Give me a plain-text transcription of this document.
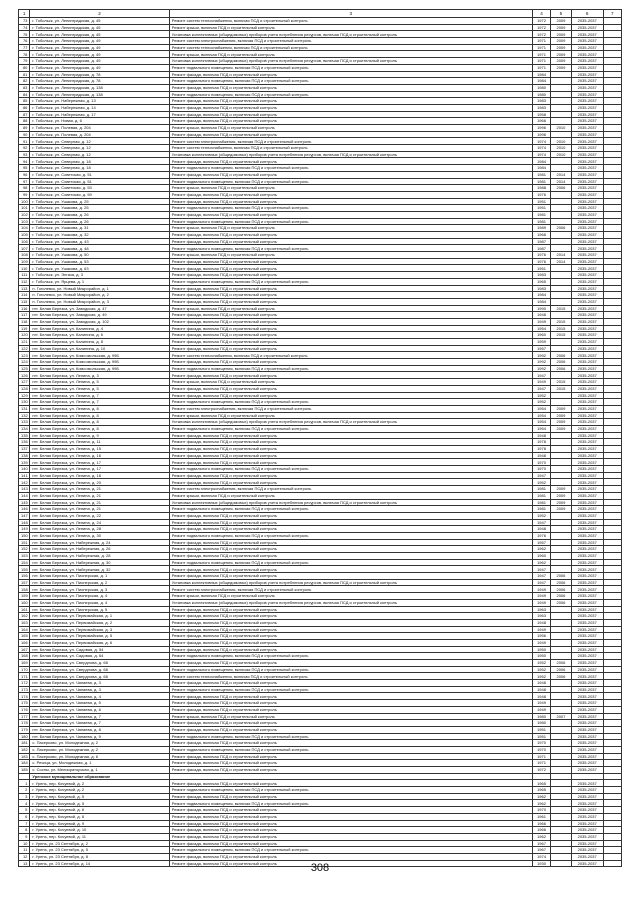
1	2	3	4	5	6	7
73	г. Тобольск, ул. Ленинградская, д. 45	Ремонт систем теплоснабжения, включая ПСД и строительный контроль	1972	2009	2035-2037	
74	г. Тобольск, ул. Ленинградская, д. 45	Ремонт крыши, включая ПСД и строительный контроль	1972	2009	2035-2037	
75	г. Тобольск, ул. Ленинградская, д. 45	Установка коллективных (общедомовых) приборов учета потребления ресурсов, включая ПСД и строительный контроль	1972	2009	2035-2037	
76	г. Тобольск, ул. Ленинградская, д. 49	Ремонт систем электроснабжения, включая ПСД и строительный контроль	1971	2009	2035-2037	
77	г. Тобольск, ул. Ленинградская, д. 49	Ремонт систем теплоснабжения, включая ПСД и строительный контроль	1971	2009	2035-2037	
78	г. Тобольск, ул. Ленинградская, д. 49	Ремонт крыши, включая ПСД и строительный контроль	1971	2009	2035-2037	
79	г. Тобольск, ул. Ленинградская, д. 49	Установка коллективных (общедомовых) приборов учета потребления ресурсов, включая ПСД и строительный контроль	1971	2009	2035-2037	
80	г. Тобольск, ул. Ленинградская, д. 49	Ремонт подвального помещения, включая ПСД и строительный контроль	1971	2009	2035-2037	
81	г. Тобольск, ул. Ленинградская, д. 78	Ремонт фасада, включая ПСД и строительный контроль	1984		2035-2037	
82	г. Тобольск, ул. Ленинградская, д. 78	Ремонт подвального помещения, включая ПСД и строительный контроль	1984		2035-2037	
83	г. Тобольск, ул. Ленинградская, д. 138	Ремонт фасада, включая ПСД и строительный контроль	1980		2035-2037	
84	г. Тобольск, ул. Ленинградская, д. 138	Ремонт подвального помещения, включая ПСД и строительный контроль	1980		2035-2037	
85	г. Тобольск, ул. Набережная, д. 13	Ремонт фасада, включая ПСД и строительный контроль	1983		2035-2037	
86	г. Тобольск, ул. Набережная, д. 14	Ремонт фасада, включая ПСД и строительный контроль	1983		2035-2037	
87	г. Тобольск, ул. Набережная, д. 17	Ремонт фасада, включая ПСД и строительный контроль	1958		2035-2037	
88	г. Тобольск, ул. Новая, д. 6	Ремонт фасада, включая ПСД и строительный контроль	1966		2035-2037	
89	г. Тобольск, ул. Полевая, д. 204	Ремонт крыши, включая ПСД и строительный контроль	1996	2010	2035-2037	
90	г. Тобольск, ул. Полевая, д. 204	Ремонт фасада, включая ПСД и строительный контроль	1996		2035-2037	
91	г. Тобольск, ул. Северная, д. 12	Ремонт систем электроснабжения, включая ПСД и строительный контроль	1974	2010	2035-2037	
92	г. Тобольск, ул. Северная, д. 12	Ремонт систем теплоснабжения, включая ПСД и строительный контроль	1974	2010	2035-2037	
93	г. Тобольск, ул. Северная, д. 12	Установка коллективных (общедомовых) приборов учета потребления ресурсов, включая ПСД и строительный контроль	1974	2010	2035-2037	
94	г. Тобольск, ул. Северная, д. 18	Ремонт фасада, включая ПСД и строительный контроль	1984		2035-2037	
95	г. Тобольск, ул. Северная, д. 18	Ремонт подвального помещения, включая ПСД и строительный контроль	1984		2035-2037	
96	г. Тобольск, ул. Советская, д. 51	Ремонт фасада, включая ПСД и строительный контроль	1981	2014	2035-2037	
97	г. Тобольск, ул. Советская, д. 51	Ремонт подвального помещения, включая ПСД и строительный контроль	1981	2014	2035-2037	
98	г. Тобольск, ул. Советская, д. 53	Ремонт крыши, включая ПСД и строительный контроль	1988	2006	2035-2037	
99	г. Тобольск, ул. Советская, д. 59	Ремонт фасада, включая ПСД и строительный контроль	1976		2035-2037	
100	г. Тобольск, ул. Ушакова, д. 25	Ремонт фасада, включая ПСД и строительный контроль	1951		2035-2037	
101	г. Тобольск, ул. Ушакова, д. 25	Ремонт подвального помещения, включая ПСД и строительный контроль	1951		2035-2037	
102	г. Тобольск, ул. Ушакова, д. 26	Ремонт фасада, включая ПСД и строительный контроль	1981		2035-2037	
103	г. Тобольск, ул. Ушакова, д. 26	Ремонт подвального помещения, включая ПСД и строительный контроль	1981		2035-2037	
104	г. Тобольск, ул. Ушакова, д. 31	Ремонт крыши, включая ПСД и строительный контроль	1989	2006	2035-2037	
105	г. Тобольск, ул. Ушакова, д. 32	Ремонт фасада, включая ПСД и строительный контроль	1968		2035-2037	
106	г. Тобольск, ул. Ушакова, д. 43	Ремонт фасада, включая ПСД и строительный контроль	1987		2035-2037	
107	г. Тобольск, ул. Ушакова, д. 48	Ремонт подвального помещения, включая ПСД и строительный контроль	1987		2035-2037	
108	г. Тобольск, ул. Ушакова, д. 50	Ремонт крыши, включая ПСД и строительный контроль	1976	2014	2035-2037	
109	г. Тобольск, ул. Ушакова, д. 53	Ремонт фасада, включая ПСД и строительный контроль	1976	2014	2035-2037	
110	г. Тобольск, ул. Ушакова, д. 63	Ремонт фасада, включая ПСД и строительный контроль	1951		2035-2037	
111	г. Тобольск, ул. Энгаза, д. 3	Ремонт фасада, включая ПСД и строительный контроль	1983		2035-2037	
112	г. Тобольск, ул. Ярцева, д. 1	Ремонт подвального помещения, включая ПСД и строительный контроль	1965		2035-2037	
113	п. Гоголевск, ул. Новый Микрорайон, д. 1	Ремонт фасада, включая ПСД и строительный контроль	1983		2035-2037	
114	п. Гоголевск, ул. Новый Микрорайон, д. 2	Ремонт фасада, включая ПСД и строительный контроль	1984		2035-2037	
115	п. Гоголевск, ул. Новый Микрорайон, д. 3	Ремонт фасада, включая ПСД и строительный контроль	1984		2035-2037	
116	пгт. Белая Березка, ул. Заводская, д. 47	Ремонт крыши, включая ПСД и строительный контроль	1990	2015	2035-2037	
117	пгт. Белая Березка, ул. Заводская, д. 49	Ремонт фасада, включая ПСД и строительный контроль	1948		2035-2037	
118	пгт. Белая Березка, ул. Заводская, д. 102	Ремонт фасада, включая ПСД и строительный контроль	1949	2015	2035-2037	
119	пгт. Белая Березка, ул. Калинина, д. 4	Ремонт фасада, включая ПСД и строительный контроль	1954	2015	2035-2037	
120	пгт. Белая Березка, ул. Калинина, д. 6	Ремонт фасада, включая ПСД и строительный контроль	1960	2015	2035-2037	
121	пгт. Белая Березка, ул. Калинина, д. 8	Ремонт фасада, включая ПСД и строительный контроль	1959		2035-2037	
122	пгт. Белая Березка, ул. Калинина, д. 10	Ремонт фасада, включая ПСД и строительный контроль	1957		2035-2037	
123	пгт. Белая Березка, ул. Комсомольская, д. 99Б	Ремонт систем теплоснабжения, включая ПСД и строительный контроль	1992	2006	2035-2037	
124	пгт. Белая Березка, ул. Комсомольская, д. 99Б	Ремонт фасада, включая ПСД и строительный контроль	1992	2006	2035-2037	
125	пгт. Белая Березка, ул. Комсомольская, д. 99Б	Ремонт подвального помещения, включая ПСД и строительный контроль	1992	2006	2035-2037	
126	пгт. Белая Березка, ул. Ленина, д. 3	Ремонт фасада, включая ПСД и строительный контроль	1947		2035-2037	
127	пгт. Белая Березка, ул. Ленина, д. 5	Ремонт крыши, включая ПСД и строительный контроль	1949	2015	2035-2037	
128	пгт. Белая Березка, ул. Ленина, д. 5	Ремонт фасада, включая ПСД и строительный контроль	1947	2015	2035-2037	
129	пгт. Белая Березка, ул. Ленина, д. 7	Ремонт фасада, включая ПСД и строительный контроль	1952		2035-2037	
130	пгт. Белая Березка, ул. Ленина, д. 7	Ремонт подвального помещения, включая ПСД и строительный контроль	1952		2035-2037	
131	пгт. Белая Березка, ул. Ленина, д. 8	Ремонт систем электроснабжения, включая ПСД и строительный контроль	1954	2009	2035-2037	
132	пгт. Белая Березка, ул. Ленина, д. 8	Ремонт крыши, включая ПСД и строительный контроль	1954	2009	2035-2037	
133	пгт. Белая Березка, ул. Ленина, д. 8	Установка коллективных (общедомовых) приборов учета потребления ресурсов, включая ПСД и строительный контроль	1954	2009	2035-2037	
134	пгт. Белая Березка, ул. Ленина, д. 8	Ремонт подвального помещения, включая ПСД и строительный контроль	1954	2009	2035-2037	
135	пгт. Белая Березка, ул. Ленина, д. 9	Ремонт фасада, включая ПСД и строительный контроль	1948		2035-2037	
136	пгт. Белая Березка, ул. Ленина, д. 11	Ремонт фасада, включая ПСД и строительный контроль	1978		2035-2037	
137	пгт. Белая Березка, ул. Ленина, д. 15	Ремонт фасада, включая ПСД и строительный контроль	1978		2035-2037	
138	пгт. Белая Березка, ул. Ленина, д. 16	Ремонт фасада, включая ПСД и строительный контроль	1948		2035-2037	
139	пгт. Белая Березка, ул. Ленина, д. 17	Ремонт фасада, включая ПСД и строительный контроль	1970		2035-2037	
140	пгт. Белая Березка, ул. Ленина, д. 17	Ремонт подвального помещения, включая ПСД и строительный контроль	1970		2035-2037	
141	пгт. Белая Березка, ул. Ленина, д. 18	Ремонт фасада, включая ПСД и строительный контроль	1947		2035-2037	
142	пгт. Белая Березка, ул. Ленина, д. 20	Ремонт фасада, включая ПСД и строительный контроль	1952		2035-2037	
143	пгт. Белая Березка, ул. Ленина, д. 21	Ремонт систем электроснабжения, включая ПСД и строительный контроль	1981	2009	2035-2037	
144	пгт. Белая Березка, ул. Ленина, д. 21	Ремонт крыши, включая ПСД и строительный контроль	1981	2009	2035-2037	
145	пгт. Белая Березка, ул. Ленина, д. 21	Установка коллективных (общедомовых) приборов учета потребления ресурсов, включая ПСД и строительный контроль	1981	2009	2035-2037	
146	пгт. Белая Березка, ул. Ленина, д. 21	Ремонт подвального помещения, включая ПСД и строительный контроль	1981	2009	2035-2037	
147	пгт. Белая Березка, ул. Ленина, д. 22	Ремонт фасада, включая ПСД и строительный контроль	1952		2035-2037	
148	пгт. Белая Березка, ул. Ленина, д. 24	Ремонт фасада, включая ПСД и строительный контроль	1947		2035-2037	
149	пгт. Белая Березка, ул. Ленина, д. 28	Ремонт фасада, включая ПСД и строительный контроль	1948		2035-2037	
150	пгт. Белая Березка, ул. Ленина, д. 30	Ремонт подвального помещения, включая ПСД и строительный контроль	1976		2035-2037	
151	пгт. Белая Березка, ул. Набережная, д. 24	Ремонт фасада, включая ПСД и строительный контроль	1957		2035-2037	
152	пгт. Белая Березка, ул. Набережная, д. 26	Ремонт фасада, включая ПСД и строительный контроль	1962		2035-2037	
153	пгт. Белая Березка, ул. Набережная, д. 28	Ремонт фасада, включая ПСД и строительный контроль	1960		2035-2037	
154	пгт. Белая Березка, ул. Набережная, д. 30	Ремонт подвального помещения, включая ПСД и строительный контроль	1962		2035-2037	
155	пгт. Белая Березка, ул. Набережная, д. 32	Ремонт фасада, включая ПСД и строительный контроль	1947		2035-2037	
156	пгт. Белая Березка, ул. Пионерская, д. 1	Ремонт фасада, включая ПСД и строительный контроль	1947	2006	2035-2037	
157	пгт. Белая Березка, ул. Пионерская, д. 2	Установка коллективных (общедомовых) приборов учета потребления ресурсов, включая ПСД и строительный контроль	1947	2006	2035-2037	
158	пгт. Белая Березка, ул. Пионерская, д. 3	Ремонт систем электроснабжения, включая ПСД и строительный контроль	1949	2006	2035-2037	
159	пгт. Белая Березка, ул. Пионерская, д. 4	Ремонт крыши, включая ПСД и строительный контроль	1949	2006	2035-2037	
160	пгт. Белая Березка, ул. Пионерская, д. 4	Установка коллективных (общедомовых) приборов учета потребления ресурсов, включая ПСД и строительный контроль	1949	2006	2035-2037	
161	пгт. Белая Березка, ул. Пионерская, д. 5	Ремонт фасада, включая ПСД и строительный контроль	1963		2035-2037	
162	пгт. Белая Березка, ул. Первомайская, д. 1	Ремонт фасада, включая ПСД и строительный контроль	1963		2035-2037	
163	пгт. Белая Березка, ул. Первомайская, д. 2	Ремонт фасада, включая ПСД и строительный контроль	1948		2035-2037	
164	пгт. Белая Березка, ул. Первомайская, д. 3	Ремонт фасада, включая ПСД и строительный контроль	1949		2035-2037	
165	пгт. Белая Березка, ул. Первомайская, д. 5	Ремонт фасада, включая ПСД и строительный контроль	1956		2035-2037	
166	пгт. Белая Березка, ул. Первомайская, д. 6	Ремонт фасада, включая ПСД и строительный контроль	1949		2035-2037	
167	пгт. Белая Березка, ул. Садовая, д. 54	Ремонт фасада, включая ПСД и строительный контроль	1950		2035-2037	
168	пгт. Белая Березка, ул. Садовая, д. 64	Ремонт подвального помещения, включая ПСД и строительный контроль	1950		2035-2037	
169	пгт. Белая Березка, ул. Свердлова, д. 68	Ремонт фасада, включая ПСД и строительный контроль	1952	2006	2035-2037	
170	пгт. Белая Березка, ул. Свердлова, д. 68	Ремонт подвального помещения, включая ПСД и строительный контроль	1952	2006	2035-2037	
171	пгт. Белая Березка, ул. Свердлова, д. 68	Ремонт систем теплоснабжения, включая ПСД и строительный контроль	1952	2006	2035-2037	
172	пгт. Белая Березка, ул. Чапаева, д. 3	Ремонт фасада, включая ПСД и строительный контроль	1948		2035-2037	
173	пгт. Белая Березка, ул. Чапаева, д. 3	Ремонт подвального помещения, включая ПСД и строительный контроль	1948		2035-2037	
174	пгт. Белая Березка, ул. Чапаева, д. 4	Ремонт фасада, включая ПСД и строительный контроль	1948		2035-2037	
175	пгт. Белая Березка, ул. Чапаева, д. 5	Ремонт фасада, включая ПСД и строительный контроль	1949		2035-2037	
176	пгт. Белая Березка, ул. Чапаева, д. 6	Ремонт фасада, включая ПСД и строительный контроль	1949		2035-2037	
177	пгт. Белая Березка, ул. Чапаева, д. 7	Ремонт крыши, включая ПСД и строительный контроль	1980	2007	2035-2037	
178	пгт. Белая Березка, ул. Чапаева, д. 7	Ремонт фасада, включая ПСД и строительный контроль	1980		2035-2037	
179	пгт. Белая Березка, ул. Чапаева, д. 8	Ремонт фасада, включая ПСД и строительный контроль	1951		2035-2037	
180	пгт. Белая Березка, ул. Чапаева, д. 9	Ремонт подвального помещения, включая ПСД и строительный контроль	1951		2035-2037	
181	с. Пасерково, ул. Молодежная, д. 2	Ремонт фасада, включая ПСД и строительный контроль	1970		2035-2037	
182	с. Пасерково, ул. Молодежная, д. 2	Ремонт подвального помещения, включая ПСД и строительный контроль	1970		2035-2037	
183	с. Пасерково, ул. Молодежная, д. 6	Ремонт фасада, включая ПСД и строительный контроль	1971		2035-2037	
184	с. Речица, ул. Молодежная, д. 1	Ремонт фасада, включая ПСД и строительный контроль	1971		2035-2037	
185	с. Сосны, ул. Мелиораторская, д. 1	Ремонт фасада, включая ПСД и строительный контроль	1972		2035-2037	
	Уренское муниципальное образование					
1	г. Урень, пер. Кочуевой, д. 2	Ремонт фасада, включая ПСД и строительный контроль	1965		2035-2037	
2	г. Урень, пер. Кочуевой, д. 2	Ремонт подвального помещения, включая ПСД и строительный контроль	1965		2035-2037	
3	г. Урень, пер. Кочуевой, д. 5	Ремонт фасада, включая ПСД и строительный контроль	1962		2035-2037	
4	г. Урень, пер. Кочуевой, д. 5	Ремонт подвального помещения, включая ПСД и строительный контроль	1962		2035-2037	
5	г. Урень, пер. Кочуевой, д. 6	Ремонт фасада, включая ПСД и строительный контроль	1970		2035-2037	
6	г. Урень, пер. Кочуевой, д. 8	Ремонт фасада, включая ПСД и строительный контроль	1961		2035-2037	
7	г. Урень, пер. Кочуевой, д. 9	Ремонт фасада, включая ПСД и строительный контроль	1966		2035-2037	
8	г. Урень, пер. Кочуевой, д. 10	Ремонт фасада, включая ПСД и строительный контроль	1966		2035-2037	
9	г. Урень, пер. Кочуевой, д. 11	Ремонт фасада, включая ПСД и строительный контроль	1962		2035-2037	
10	г. Урень, ул. 23 Сентября, д. 2	Ремонт фасада, включая ПСД и строительный контроль	1967		2035-2037	
11	г. Урень, ул. 23 Сентября, д. 5	Ремонт подвального помещения, включая ПСД и строительный контроль	1967		2035-2037	
12	г. Урень, ул. 23 Сентября, д. 8	Ремонт фасада, включая ПСД и строительный контроль	1974		2035-2037	
13	г. Урень, ул. 23 Сентября, д. 14	Ремонт фасада, включая ПСД и строительный контроль	1930		2035-2037	
308
